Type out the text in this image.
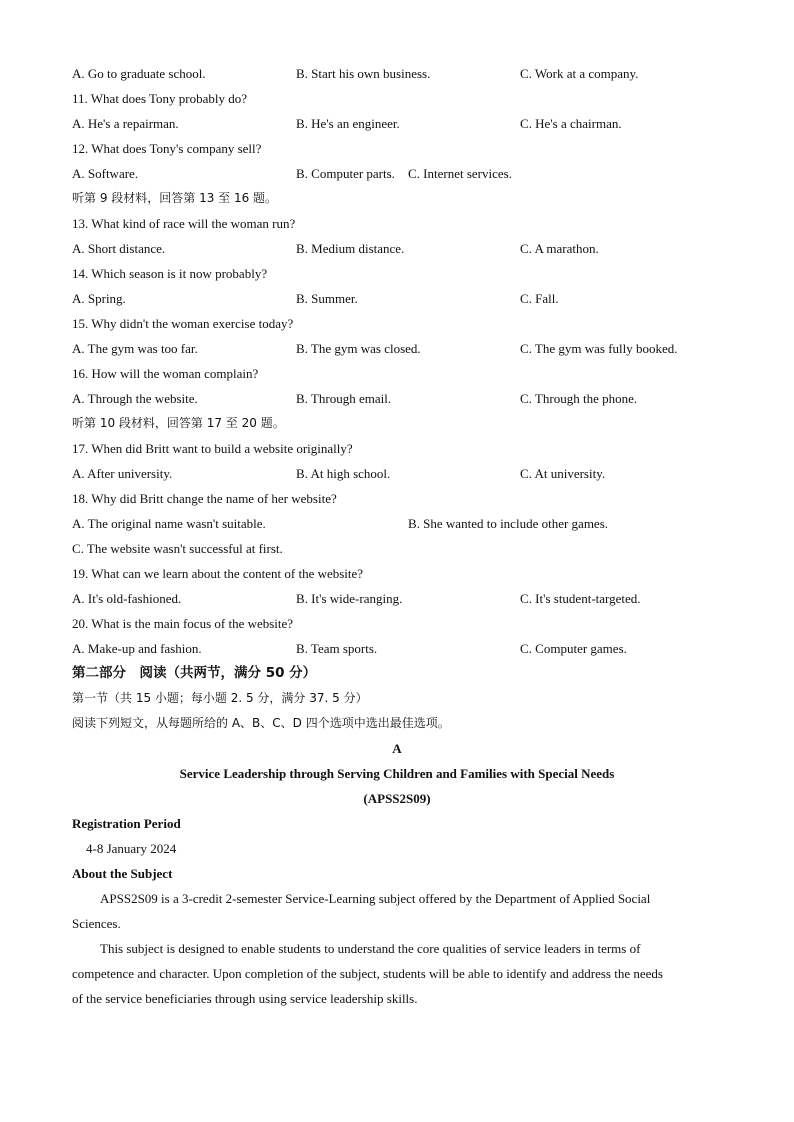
A. Go to graduate school.	B. Start his own business.	C. Work at a company.
11. What does Tony probably do?
A. He's a repairman.	B. He's an engineer.	C. He's a chairman.
12. What does Tony's company sell?
A. Software.	B. Computer parts.	C. Internet services.
听第 9 段材料，回答第 13 至 16 题。
13. What kind of race will the woman run?
A. Short distance.	B. Medium distance.	C. A marathon.
14. Which season is it now probably?
A. Spring.	B. Summer.	C. Fall.
15. Why didn't the woman exercise today?
A. The gym was too far.	B. The gym was closed.	C. The gym was fully booked.
16. How will the woman complain?
A. Through the website.	B. Through email.	C. Through the phone.
听第 10 段材料，回答第 17 至 20 题。
17. When did Britt want to build a website originally?
A. After university.	B. At high school.	C. At university.
18. Why did Britt change the name of her website?
A. The original name wasn't suitable.	B. She wanted to include other games.
C. The website wasn't successful at first.
19. What can we learn about the content of the website?
A. It's old-fashioned.	B. It's wide-ranging.	C. It's student-targeted.
20. What is the main focus of the website?
A. Make-up and fashion.	B. Team sports.	C. Computer games.
第二部分　阅读（共两节，满分 50 分）
第一节（共 15 小题；每小题 2. 5 分，满分 37. 5 分）
阅读下列短文，从每题所给的 A、B、C、D 四个选项中选出最佳选项。
A
Service Leadership through Serving Children and Families with Special Needs
(APSS2S09)
Registration Period
4-8 January 2024
About the Subject
APSS2S09 is a 3-credit 2-semester Service-Learning subject offered by the Department of Applied Social
Sciences.
This subject is designed to enable students to understand the core qualities of service leaders in terms of
competence and character. Upon completion of the subject, students will be able to identify and address the needs
of the service beneficiaries through using service leadership skills.
